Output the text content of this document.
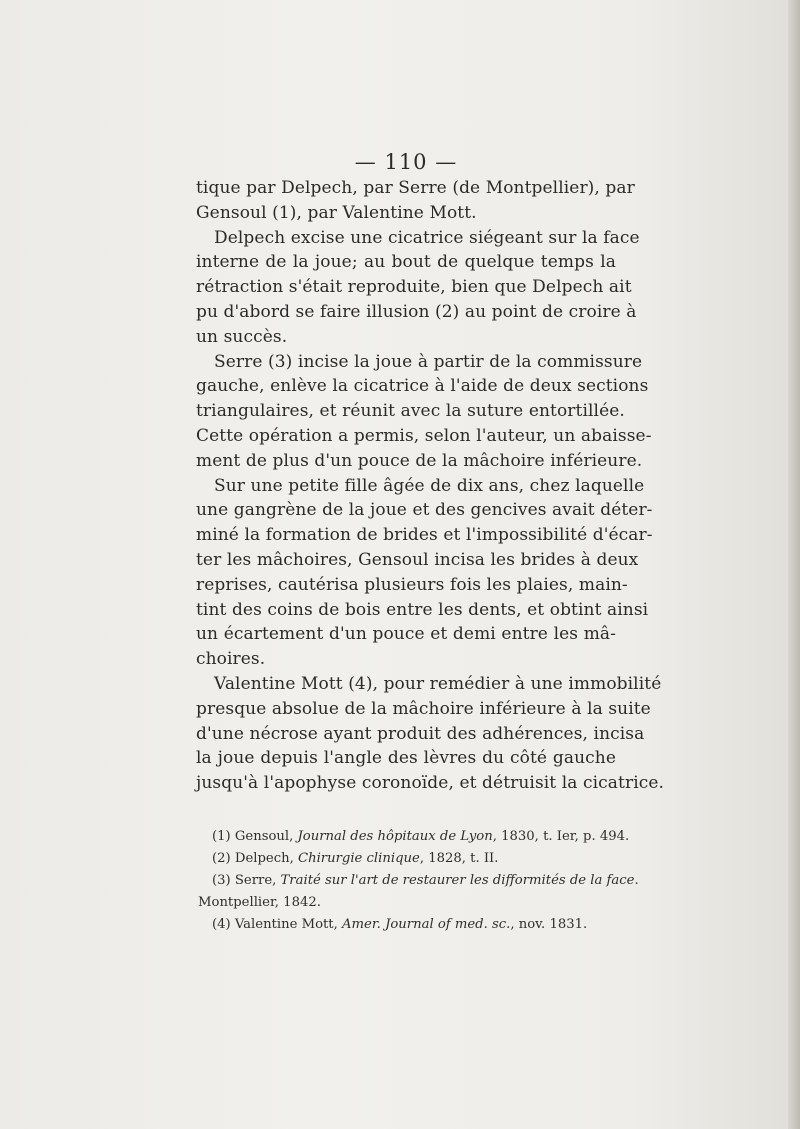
— 110 —
tique par Delpech, par Serre (de Montpellier), par
Gensoul (1), par Valentine Mott.
Delpech excise une cicatrice siégeant sur la face
interne de la joue; au bout de quelque temps la
rétraction s'était reproduite, bien que Delpech ait
pu d'abord se faire illusion (2) au point de croire à
un succès.
Serre (3) incise la joue à partir de la commissure
gauche, enlève la cicatrice à l'aide de deux sections
triangulaires, et réunit avec la suture entortillée.
Cette opération a permis, selon l'auteur, un abaisse-
ment de plus d'un pouce de la mâchoire inférieure.
Sur une petite fille âgée de dix ans, chez laquelle
une gangrène de la joue et des gencives avait déter-
miné la formation de brides et l'impossibilité d'écar-
ter les mâchoires, Gensoul incisa les brides à deux
reprises, cautérisa plusieurs fois les plaies, main-
tint des coins de bois entre les dents, et obtint ainsi
un écartement d'un pouce et demi entre les mâ-
choires.
Valentine Mott (4), pour remédier à une immobilité
presque absolue de la mâchoire inférieure à la suite
d'une nécrose ayant produit des adhérences, incisa
la joue depuis l'angle des lèvres du côté gauche
jusqu'à l'apophyse coronoïde, et détruisit la cicatrice.
(1) Gensoul, Journal des hôpitaux de Lyon, 1830, t. Ier, p. 494.
(2) Delpech, Chirurgie clinique, 1828, t. II.
(3) Serre, Traité sur l'art de restaurer les difformités de la face.
Montpellier, 1842.
(4) Valentine Mott, Amer. Journal of med. sc., nov. 1831.
